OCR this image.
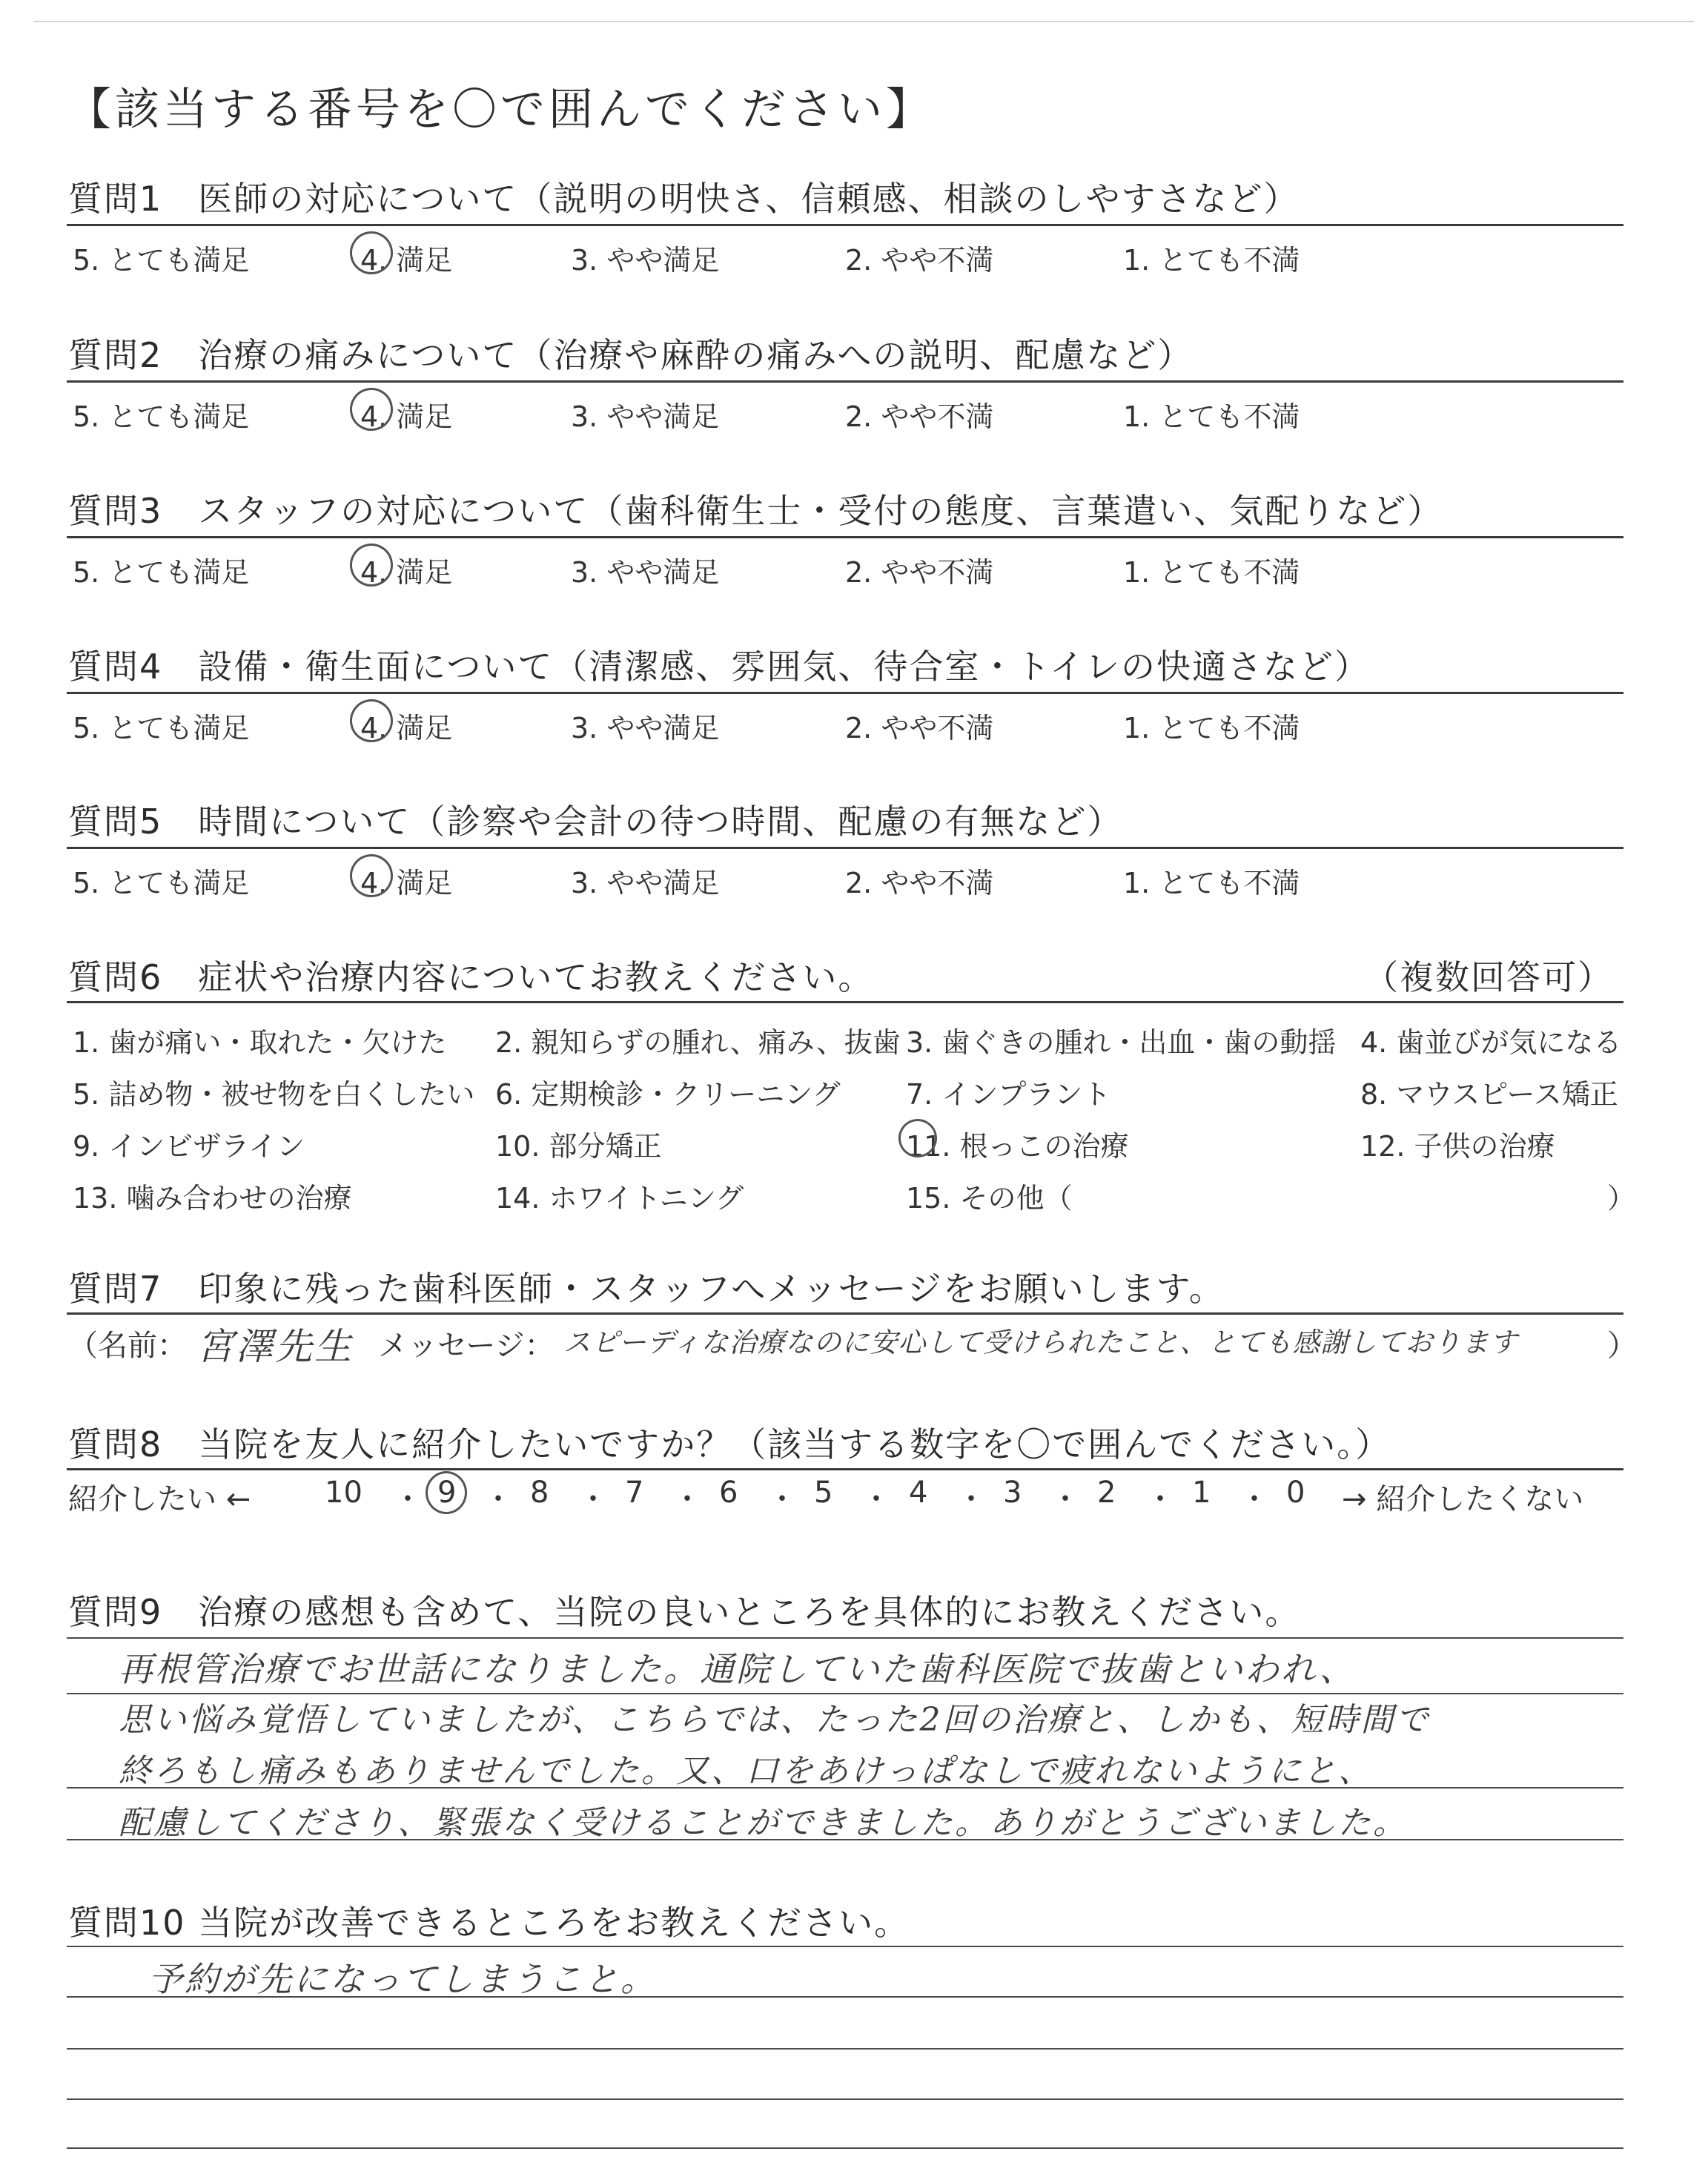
【該当する番号を〇で囲んでください】
質問1　医師の対応について（説明の明快さ、信頼感、相談のしやすさなど）
5. とても満足	4. 満足	3. やや満足	2. やや不満	1. とても不満
質問2　治療の痛みについて（治療や麻酔の痛みへの説明、配慮など）
5. とても満足	4. 満足	3. やや満足	2. やや不満	1. とても不満
質問3　スタッフの対応について（歯科衛生士・受付の態度、言葉遣い、気配りなど）
5. とても満足	4. 満足	3. やや満足	2. やや不満	1. とても不満
質問4　設備・衛生面について（清潔感、雰囲気、待合室・トイレの快適さなど）
5. とても満足	4. 満足	3. やや満足	2. やや不満	1. とても不満
質問5　時間について（診察や会計の待つ時間、配慮の有無など）
5. とても満足	4. 満足	3. やや満足	2. やや不満	1. とても不満
質問6　症状や治療内容についてお教えください。	（複数回答可）
1. 歯が痛い・取れた・欠けた 2. 親知らずの腫れ、痛み、抜歯 3. 歯ぐきの腫れ・出血・歯の動揺 4. 歯並びが気になる
5. 詰め物・被せ物を白くしたい 6. 定期検診・クリーニング 7. インプラント	8. マウスピース矯正
9. インビザライン	10. 部分矯正	11. 根っこの治療	12. 子供の治療
13. 噛み合わせの治療	14. ホワイトニング	15. その他（	）
質問7　印象に残った歯科医師・スタッフへメッセージをお願いします。
（名前： 宮澤先生 メッセージ： スピーディな治療なのに安心して受けられたこと、とても感謝しております	）
質問8　当院を友人に紹介したいですか？（該当する数字を〇で囲んでください。）
紹介したい ←	→ 紹介したくない
10	9 8	7	6	5	4	3	2	1	0
・ ・ ・ ・ ・ ・ ・ ・ ・ ・
質問9　治療の感想も含めて、当院の良いところを具体的にお教えください。
再根管治療でお世話になりました。通院していた歯科医院で抜歯といわれ、
思い悩み覚悟していましたが、こちらでは、たった2回の治療と、しかも、短時間で
終ろもし痛みもありませんでした。又、口をあけっぱなしで疲れないようにと、
配慮してくださり、緊張なく受けることができました。ありがとうございました。
質問10 当院が改善できるところをお教えください。
予約が先になってしまうこと。
